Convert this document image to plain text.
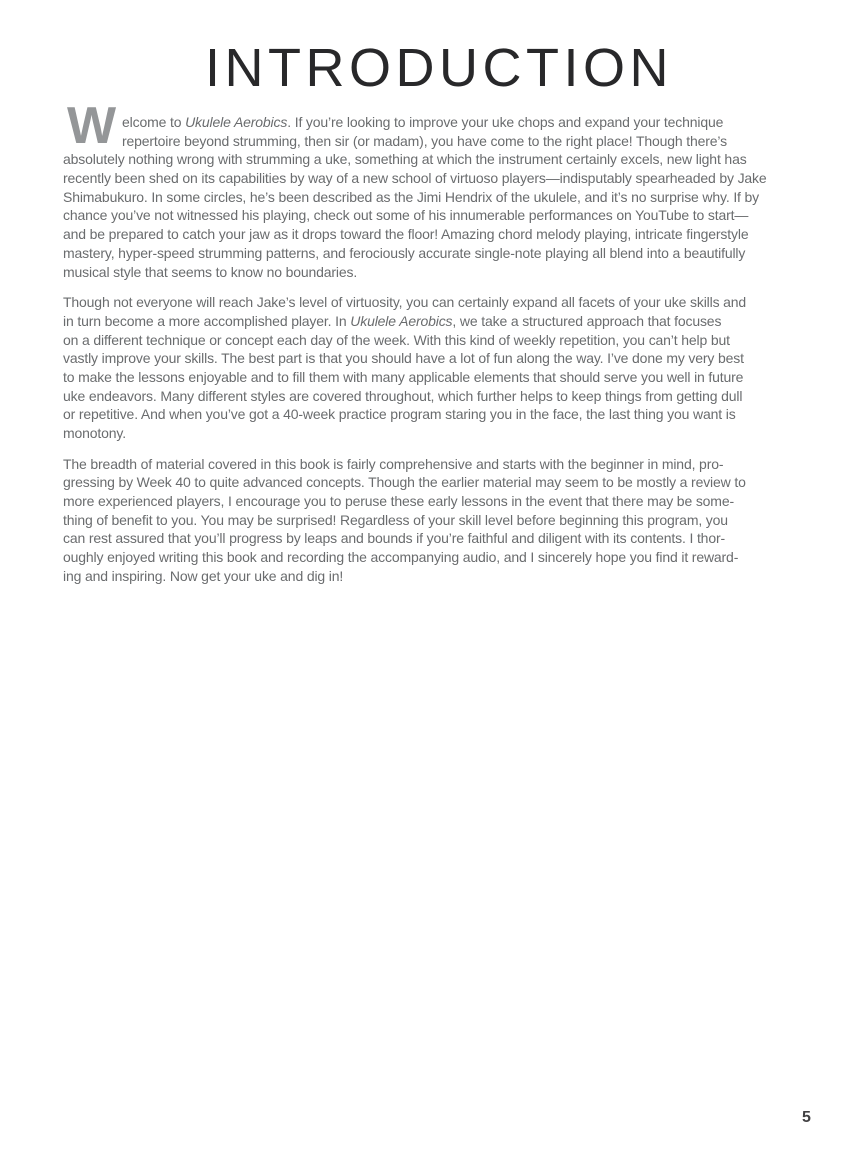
INTRODUCTION
W elcome to Ukulele Aerobics. If you’re looking to improve your uke chops and expand your technique
repertoire beyond strumming, then sir (or madam), you have come to the right place! Though there’s
absolutely nothing wrong with strumming a uke, something at which the instrument certainly excels, new light has
recently been shed on its capabilities by way of a new school of virtuoso players—indisputably spearheaded by Jake
Shimabukuro. In some circles, he’s been described as the Jimi Hendrix of the ukulele, and it’s no surprise why. If by
chance you’ve not witnessed his playing, check out some of his innumerable performances on YouTube to start—
and be prepared to catch your jaw as it drops toward the floor! Amazing chord melody playing, intricate fingerstyle
mastery, hyper-speed strumming patterns, and ferociously accurate single-note playing all blend into a beautifully
musical style that seems to know no boundaries.
Though not everyone will reach Jake’s level of virtuosity, you can certainly expand all facets of your uke skills and
in turn become a more accomplished player. In Ukulele Aerobics, we take a structured approach that focuses
on a different technique or concept each day of the week. With this kind of weekly repetition, you can’t help but
vastly improve your skills. The best part is that you should have a lot of fun along the way. I’ve done my very best
to make the lessons enjoyable and to fill them with many applicable elements that should serve you well in future
uke endeavors. Many different styles are covered throughout, which further helps to keep things from getting dull
or repetitive. And when you’ve got a 40-week practice program staring you in the face, the last thing you want is
monotony.
The breadth of material covered in this book is fairly comprehensive and starts with the beginner in mind, pro-
gressing by Week 40 to quite advanced concepts. Though the earlier material may seem to be mostly a review to
more experienced players, I encourage you to peruse these early lessons in the event that there may be some-
thing of benefit to you. You may be surprised! Regardless of your skill level before beginning this program, you
can rest assured that you’ll progress by leaps and bounds if you’re faithful and diligent with its contents. I thor-
oughly enjoyed writing this book and recording the accompanying audio, and I sincerely hope you find it reward-
ing and inspiring. Now get your uke and dig in!
5
